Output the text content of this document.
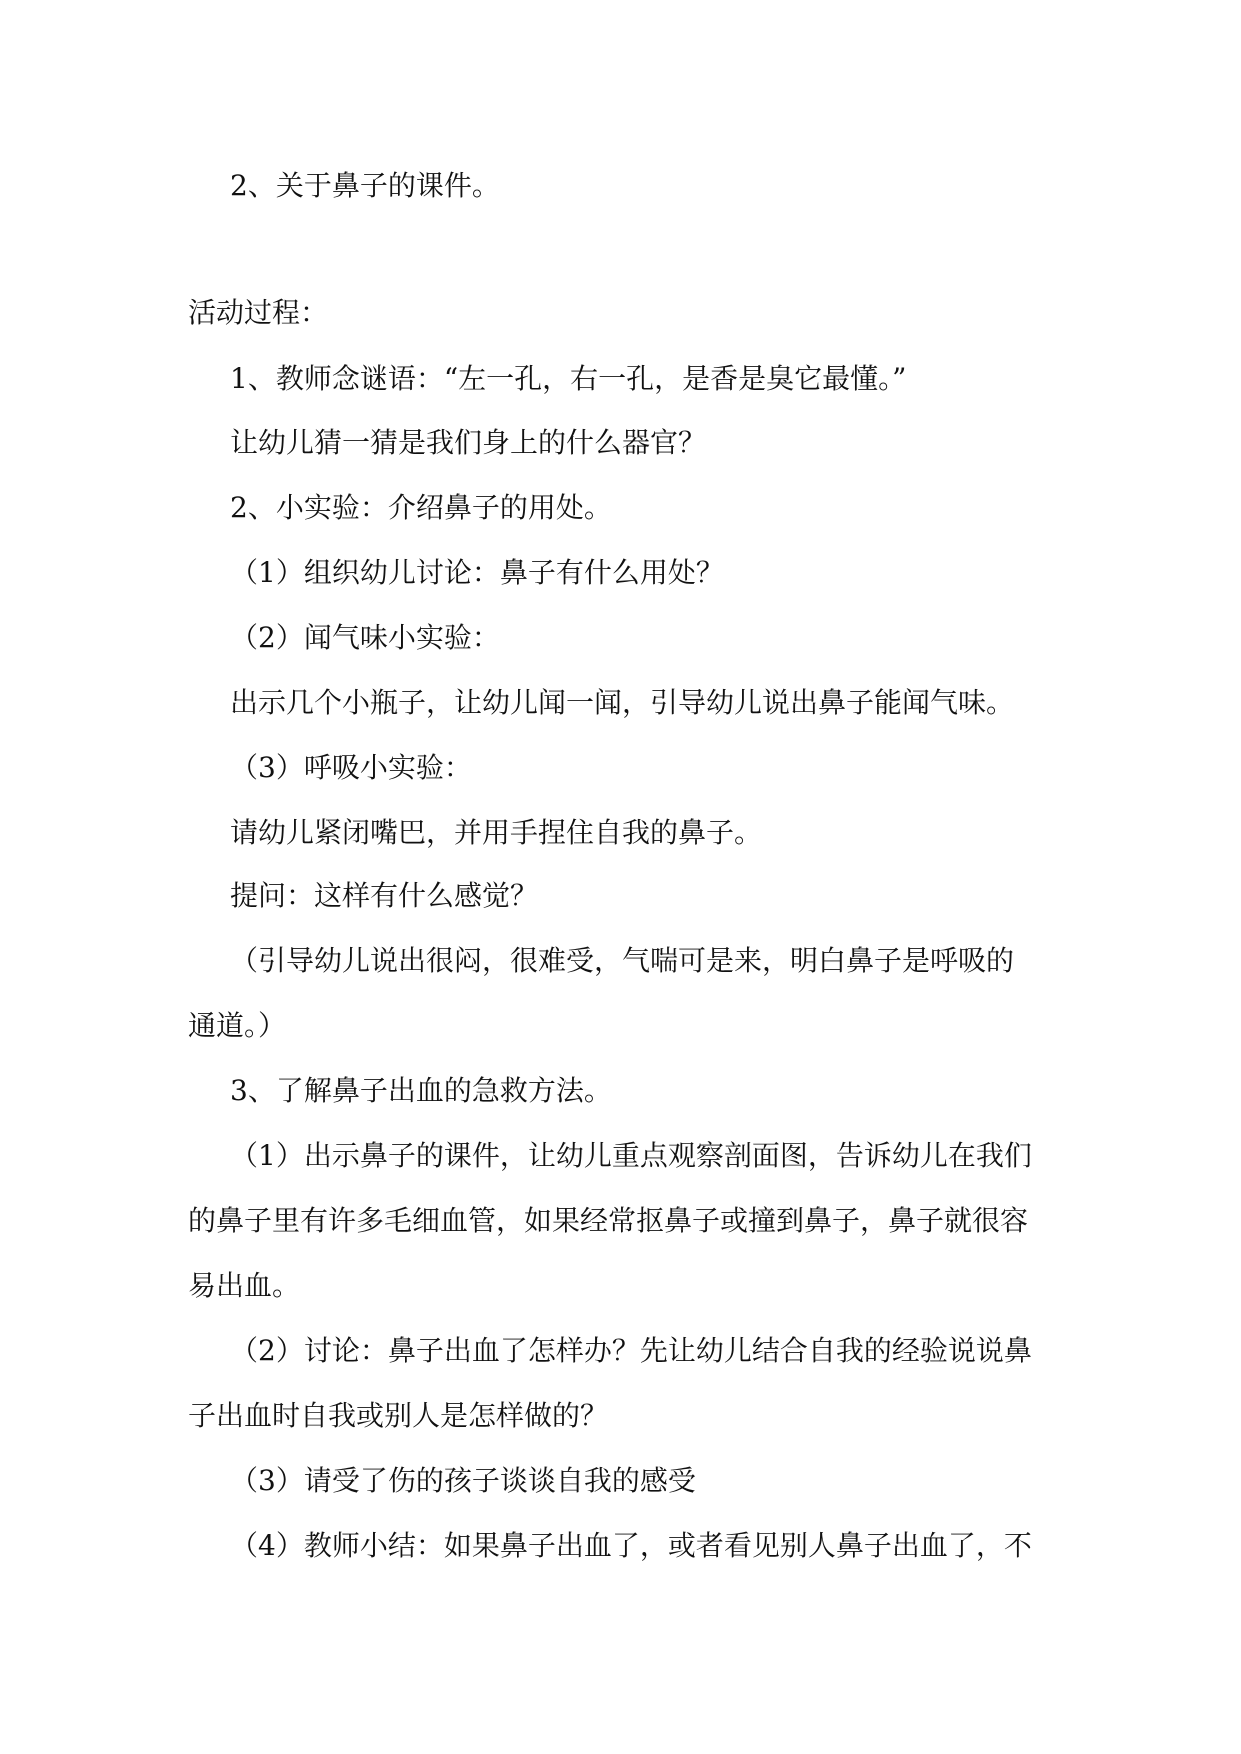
2、关于鼻子的课件。

活动过程：

1、教师念谜语：“左一孔，右一孔，是香是臭它最懂。”

让幼儿猜一猜是我们身上的什么器官？

2、小实验：介绍鼻子的用处。

（1）组织幼儿讨论：鼻子有什么用处？

（2）闻气味小实验：

出示几个小瓶子，让幼儿闻一闻，引导幼儿说出鼻子能闻气味。

（3）呼吸小实验：

请幼儿紧闭嘴巴，并用手捏住自我的鼻子。

提问：这样有什么感觉？

（引导幼儿说出很闷，很难受，气喘可是来，明白鼻子是呼吸的

通道。）

3、了解鼻子出血的急救方法。

（1）出示鼻子的课件，让幼儿重点观察剖面图，告诉幼儿在我们

的鼻子里有许多毛细血管，如果经常抠鼻子或撞到鼻子，鼻子就很容

易出血。

（2）讨论：鼻子出血了怎样办？先让幼儿结合自我的经验说说鼻

子出血时自我或别人是怎样做的？

（3）请受了伤的孩子谈谈自我的感受

（4）教师小结：如果鼻子出血了，或者看见别人鼻子出血了，不
